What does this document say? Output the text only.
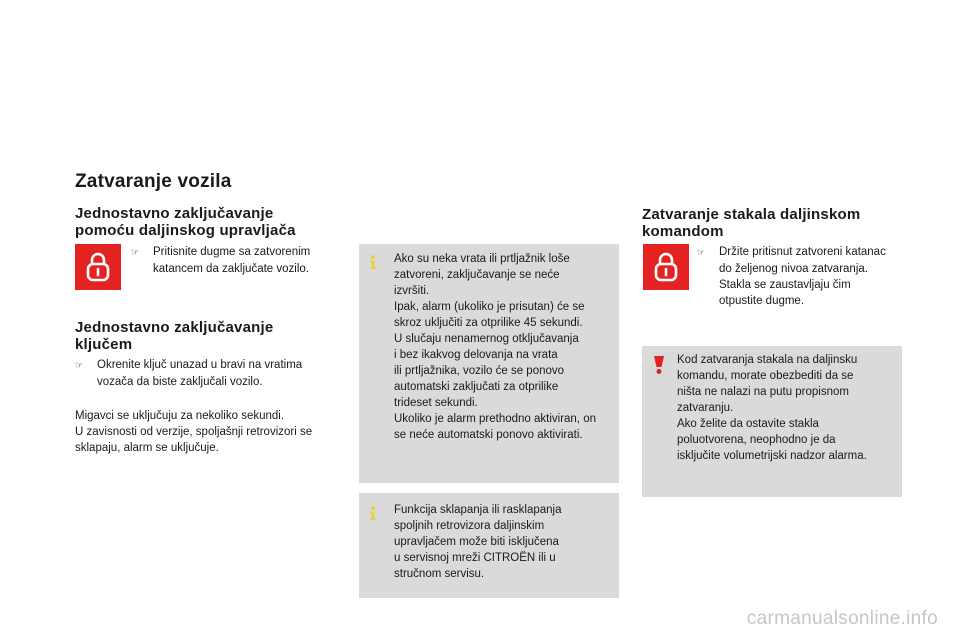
Zatvaranje vozila
Jednostavno zaključavanje
pomoću daljinskog upravljača
☞ Pritisnite dugme sa zatvorenim
katancem da zaključate vozilo.
Jednostavno zaključavanje
ključem
☞ Okrenite ključ unazad u bravi na vratima
vozača da biste zaključali vozilo.
Migavci se uključuju za nekoliko sekundi.
U zavisnosti od verzije, spoljašnji retrovizori se
sklapaju, alarm se uključuje.
Ako su neka vrata ili prtljažnik loše
zatvoreni, zaključavanje se neće
izvršiti.
Ipak, alarm (ukoliko je prisutan) će se
skroz uključiti za otprilike 45 sekundi.
U slučaju nenamernog otključavanja
i bez ikakvog delovanja na vrata
ili prtljažnika, vozilo će se ponovo
automatski zaključati za otprilike
trideset sekundi.
Ukoliko je alarm prethodno aktiviran, on
se neće automatski ponovo aktivirati.
Funkcija sklapanja ili rasklapanja
spoljnih retrovizora daljinskim
upravljačem može biti isključena
u servisnoj mreži CITROËN ili u
stručnom servisu.
Zatvaranje stakala daljinskom
komandom
☞ Držite pritisnut zatvoreni katanac
do željenog nivoa zatvaranja.
Stakla se zaustavljaju čim
otpustite dugme.
Kod zatvaranja stakala na daljinsku
komandu, morate obezbediti da se
ništa ne nalazi na putu propisnom
zatvaranju.
Ako želite da ostavite stakla
poluotvorena, neophodno je da
isključite volumetrijski nadzor alarma.
carmanualsonline.info
